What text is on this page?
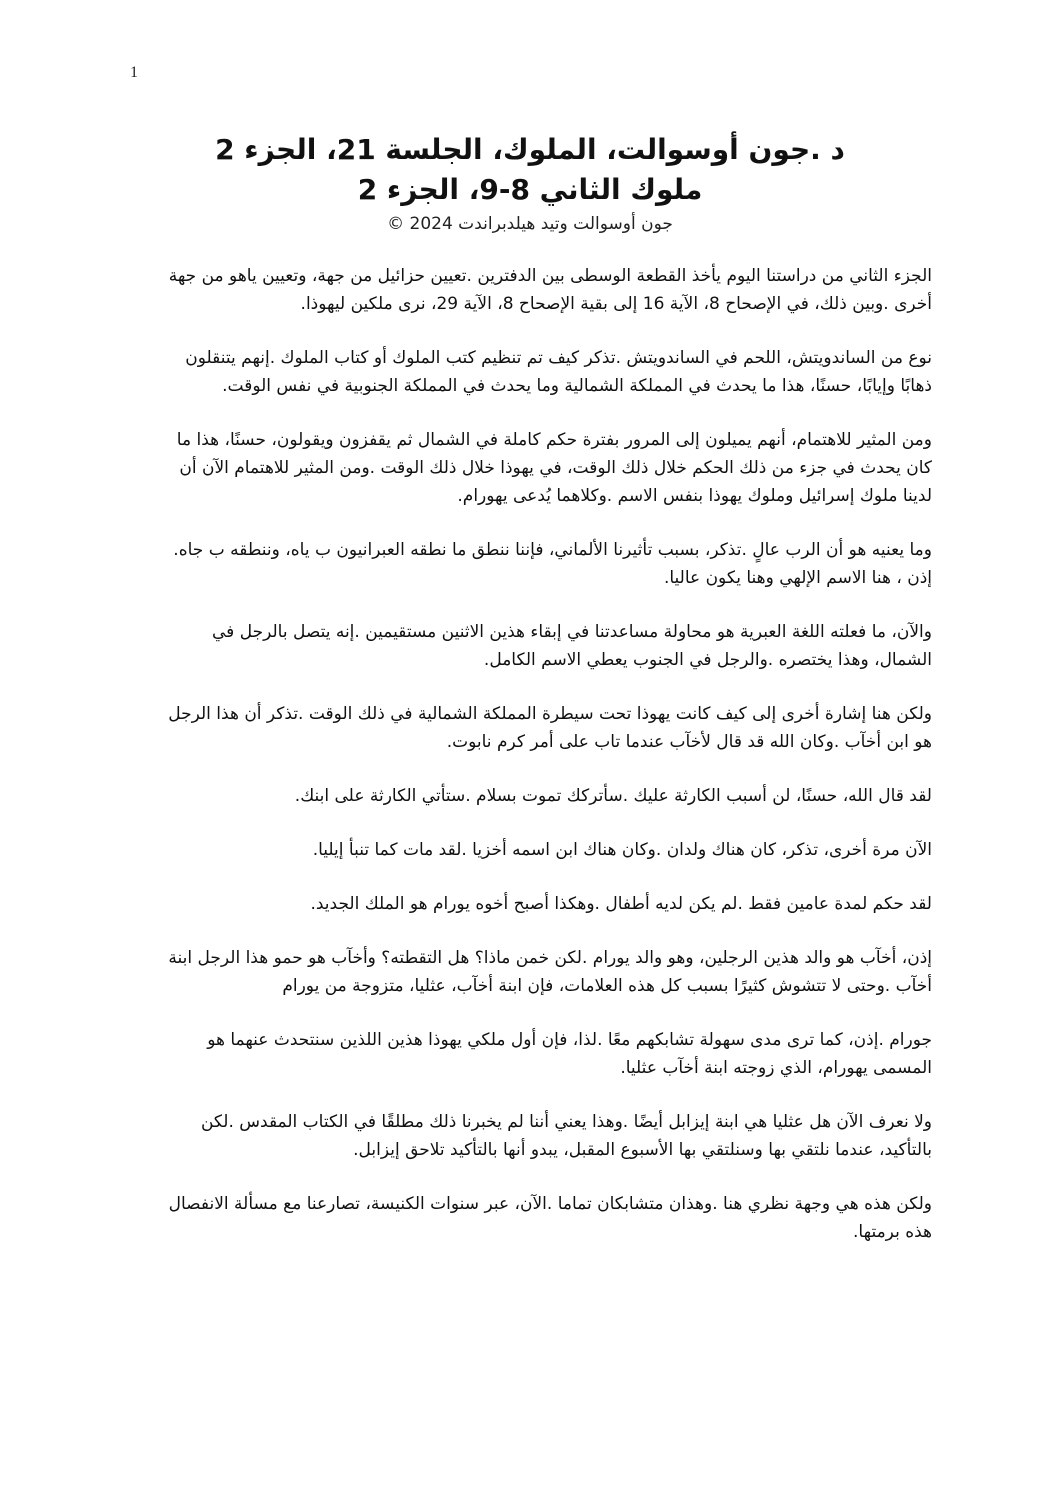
1
د .جون أوسوالت، الملوك، الجلسة 21، الجزء 2
ملوك الثاني 8-9، الجزء 2
جون أوسوالت وتيد هيلدبراندت 2024 ©

الجزء الثاني من دراستنا اليوم يأخذ القطعة الوسطى بين الدفترين .تعيين حزائيل من جهة، وتعيين ياهو من جهة أخرى .وبين ذلك، في الإصحاح 8، الآية 16 إلى بقية الإصحاح 8، الآية 29، نرى ملكين ليهوذا.

نوع من الساندويتش، اللحم في الساندويتش .تذكر كيف تم تنظيم كتب الملوك أو كتاب الملوك .إنهم يتنقلون ذهابًا وإيابًا، حسنًا، هذا ما يحدث في المملكة الشمالية وما يحدث في المملكة الجنوبية في نفس الوقت.

ومن المثير للاهتمام، أنهم يميلون إلى المرور بفترة حكم كاملة في الشمال ثم يقفزون ويقولون، حسنًا، هذا ما كان يحدث في جزء من ذلك الحكم خلال ذلك الوقت، في يهوذا خلال ذلك الوقت .ومن المثير للاهتمام الآن أن لدينا ملوك إسرائيل وملوك يهوذا بنفس الاسم .وكلاهما يُدعى يهورام.

وما يعنيه هو أن الرب عالٍ .تذكر، بسبب تأثيرنا الألماني، فإننا ننطق ما نطقه العبرانيون ب ياه، وننطقه ب جاه. إذن ، هنا الاسم الإلهي وهنا يكون عاليا.

والآن، ما فعلته اللغة العبرية هو محاولة مساعدتنا في إبقاء هذين الاثنين مستقيمين .إنه يتصل بالرجل في الشمال، وهذا يختصره .والرجل في الجنوب يعطي الاسم الكامل.

ولكن هنا إشارة أخرى إلى كيف كانت يهوذا تحت سيطرة المملكة الشمالية في ذلك الوقت .تذكر أن هذا الرجل هو ابن أخآب .وكان الله قد قال لأخآب عندما تاب على أمر كرم نابوت.

لقد قال الله، حسنًا، لن أسبب الكارثة عليك .سأتركك تموت بسلام .ستأتي الكارثة على ابنك.

الآن مرة أخرى، تذكر، كان هناك ولدان .وكان هناك ابن اسمه أخزيا .لقد مات كما تنبأ إيليا.

لقد حكم لمدة عامين فقط .لم يكن لديه أطفال .وهكذا أصبح أخوه يورام هو الملك الجديد.

إذن، أخآب هو والد هذين الرجلين، وهو والد يورام .لكن خمن ماذا؟ هل التقطته؟ وأخآب هو حمو هذا الرجل ابنة أخآب .وحتى لا تتشوش كثيرًا بسبب كل هذه العلامات، فإن ابنة أخآب، عثليا، متزوجة من يورام

جورام .إذن، كما ترى مدى سهولة تشابكهم معًا .لذا، فإن أول ملكي يهوذا هذين اللذين سنتحدث عنهما هو المسمى يهورام، الذي زوجته ابنة أخآب عثليا.

ولا نعرف الآن هل عثليا هي ابنة إيزابل أيضًا .وهذا يعني أننا لم يخبرنا ذلك مطلقًا في الكتاب المقدس .لكن بالتأكيد، عندما نلتقي بها وسنلتقي بها الأسبوع المقبل، يبدو أنها بالتأكيد تلاحق إيزابل.

ولكن هذه هي وجهة نظري هنا .وهذان متشابكان تماما .الآن، عبر سنوات الكنيسة، تصارعنا مع مسألة الانفصال هذه برمتها.
